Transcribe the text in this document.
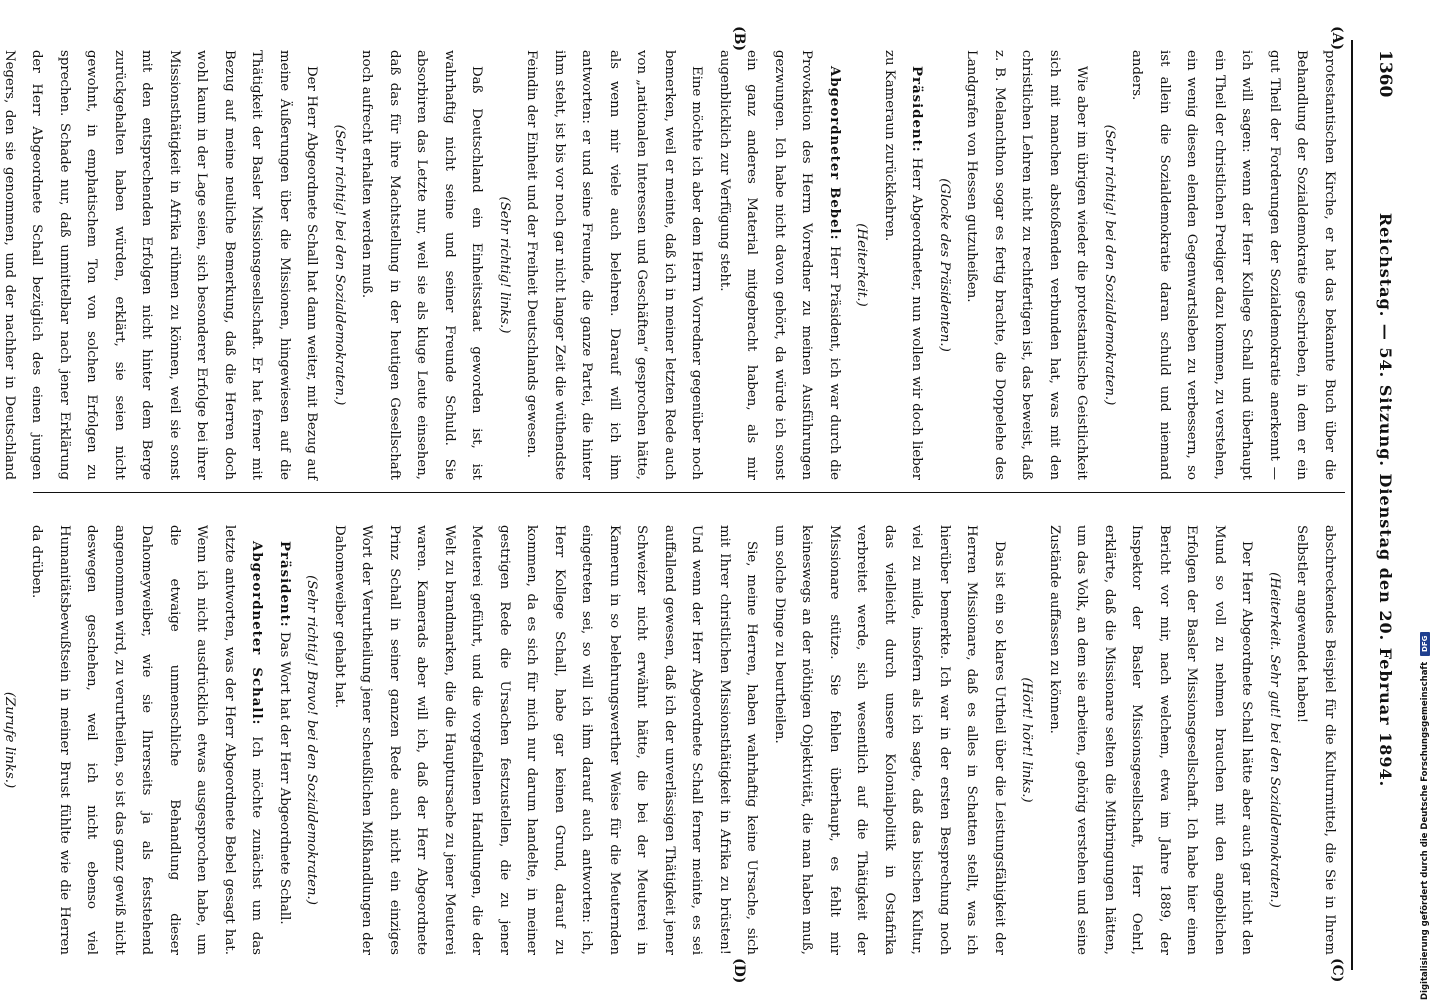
1360
Reichstag. — 54. Sitzung. Dienstag den 20. Februar 1894.
(A)
(B)
(C)
(D)

protestantischen Kirche, er hat das bekannte Buch über die Behandlung der Sozialdemokratie geschrieben, in dem er ein gut Theil der Forderungen der Sozialdemokratie anerkennt — ich will sagen: wenn der Herr Kollege Schall und überhaupt ein Theil der christlichen Prediger dazu kommen, zu verstehen, ein wenig diesen elenden Gegenwartsleben zu verbessern, so ist allein die Sozialdemokratie daran schuld und niemand anders.

(Sehr richtig! bei den Sozialdemokraten.)

Wie aber im übrigen wieder die protestantische Geistlichkeit sich mit manchen abstoßenden verbunden hat, was mit den christlichen Lehren nicht zu rechtfertigen ist, das beweist, daß z. B. Melanchthon sogar es fertig brachte, die Doppelehe des Landgrafen von Hessen gutzuheißen.

(Glocke des Präsidenten.)

Präsident: Herr Abgeordneter, nun wollen wir doch lieber zu Kameraun zurückkehren.

(Heiterkeit.)

Abgeordneter Bebel: Herr Präsident, ich war durch die Provokation des Herrn Vorredner zu meinen Ausführungen gezwungen. Ich habe nicht davon gehört, da würde ich sonst ein ganz anderes Material mitgebracht haben, als mir augenblicklich zur Verfügung steht.

Eine möchte ich aber dem Herrn Vorredner gegenüber noch bemerken, weil er meinte, daß ich in meiner letzten Rede auch von „nationalen Interessen und Geschäften“ gesprochen hätte, als wenn mir viele auch belehren. Darauf will ich ihm antworten: er und seine Freunde, die ganze Partei, die hinter ihm steht, ist bis vor noch gar nicht langer Zeit die wüthendste Feindin der Einheit und der Freiheit Deutschlands gewesen.

(Sehr richtig! links.)

Daß Deutschland ein Einheitsstaat geworden ist, ist wahrhaftig nicht seine und seiner Freunde Schuld. Sie absorbiren das Letzte nur, weil sie als kluge Leute einsehen, daß das für ihre Machtstellung in der heutigen Gesellschaft noch aufrecht erhalten werden muß.

(Sehr richtig! bei den Sozialdemokraten.)

Der Herr Abgeordnete Schall hat dann weiter, mit Bezug auf meine Äußerungen über die Missionen, hingewiesen auf die Thätigkeit der Basler Missionsgesellschaft. Er hat ferner mit Bezug auf meine neuliche Bemerkung, daß die Herren doch wohl kaum in der Lage seien, sich besonderer Erfolge bei ihrer Missionsthätigkeit in Afrika rühmen zu können, weil sie sonst mit den entsprechenden Erfolgen nicht hinter dem Berge zurückgehalten haben würden, erklärt, sie seien nicht gewohnt, in emphatischem Ton von solchen Erfolgen zu sprechen. Schade nur, daß unmittelbar nach jener Erklärung der Herr Abgeordnete Schall bezüglich des einen jungen Negers, den sie genommen, und der nachher in Deutschland

abschreckendes Beispiel für die Kulturmittel, die Sie in Ihrem Selbstler angewendet haben!

(Heiterkeit. Sehr gut! bei den Sozialdemokraten.)

Der Herr Abgeordnete Schall hätte aber auch gar nicht den Mund so voll zu nehmen brauchen mit den angeblichen Erfolgen der Basler Missionsgesellschaft. Ich habe hier einen Bericht vor mir, nach welchem, etwa im Jahre 1889, der Inspektor der Basler Missionsgesellschaft, Herr Oehrl, erklärte, daß die Missionare selten die Mitbringungen hätten, um das Volk, an dem sie arbeiten, gehörig verstehen und seine Zustände auffassen zu können.

(Hört! hört! links.)

Das ist ein so klares Urtheil über die Leistungsfähigkeit der Herren Missionare, daß es alles in Schatten stellt, was ich hierüber bemerkte. Ich war in der ersten Besprechung noch viel zu milde, insofern als ich sagte, daß das bischen Kultur, das vielleicht durch unsere Kolonialpolitik in Ostafrika verbreitet werde, sich wesentlich auf die Thätigkeit der Missionare stütze. Sie fehlen überhaupt, es fehlt mir keineswegs an der nöthigen Objektivität, die man haben muß, um solche Dinge zu beurtheilen.

Sie, meine Herren, haben wahrhaftig keine Ursache, sich mit Ihrer christlichen Missionsthätigkeit in Afrika zu brüsten! Und wenn der Herr Abgeordnete Schall ferner meinte, es sei auffallend gewesen, daß ich der unverlässigen Thätigkeit jener Schweizer nicht erwähnt hätte, die bei der Meuterei in Kamerun in so belehrungswerther Weise für die Meuternden eingetreten sei, so will ich ihm darauf auch antworten: ich, Herr Kollege Schall, habe gar keinen Grund, darauf zu kommen, da es sich für mich nur darum handelte, in meiner gestrigen Rede die Ursachen festzustellen, die zu jener Meuterei geführt, und die vorgefallenen Handlungen, die der Welt zu brandmarken, die die Hauptursache zu jener Meuterei waren. Kamerads aber will ich, daß der Herr Abgeordnete Prinz Schall in seiner ganzen Rede auch nicht ein einziges Wort der Verurtheilung jener scheußlichen Mißhandlungen der Dahomeweiber gehabt hat.

(Sehr richtig! Bravo! bei den Sozialdemokraten.)

Präsident: Das Wort hat der Herr Abgeordnete Schall.

Abgeordneter Schall: Ich möchte zunächst um das letzte antworten, was der Herr Abgeordnete Bebel gesagt hat. Wenn ich nicht ausdrücklich etwas ausgesprochen habe, um die etwaige unmenschliche Behandlung dieser Dahomeyweiber, wie sie Ihrerseits ja als feststehend angenommen wird, zu verurtheilen, so ist das ganz gewiß nicht deswegen geschehen, weil ich nicht ebenso viel Humanitätsbewußtsein in meiner Brust fühlte wie die Herren da drüben.

(Zurufe links.)	Digitalisierung gefördert durch die Deutsche Forschungsgemeinschaft
DFG
